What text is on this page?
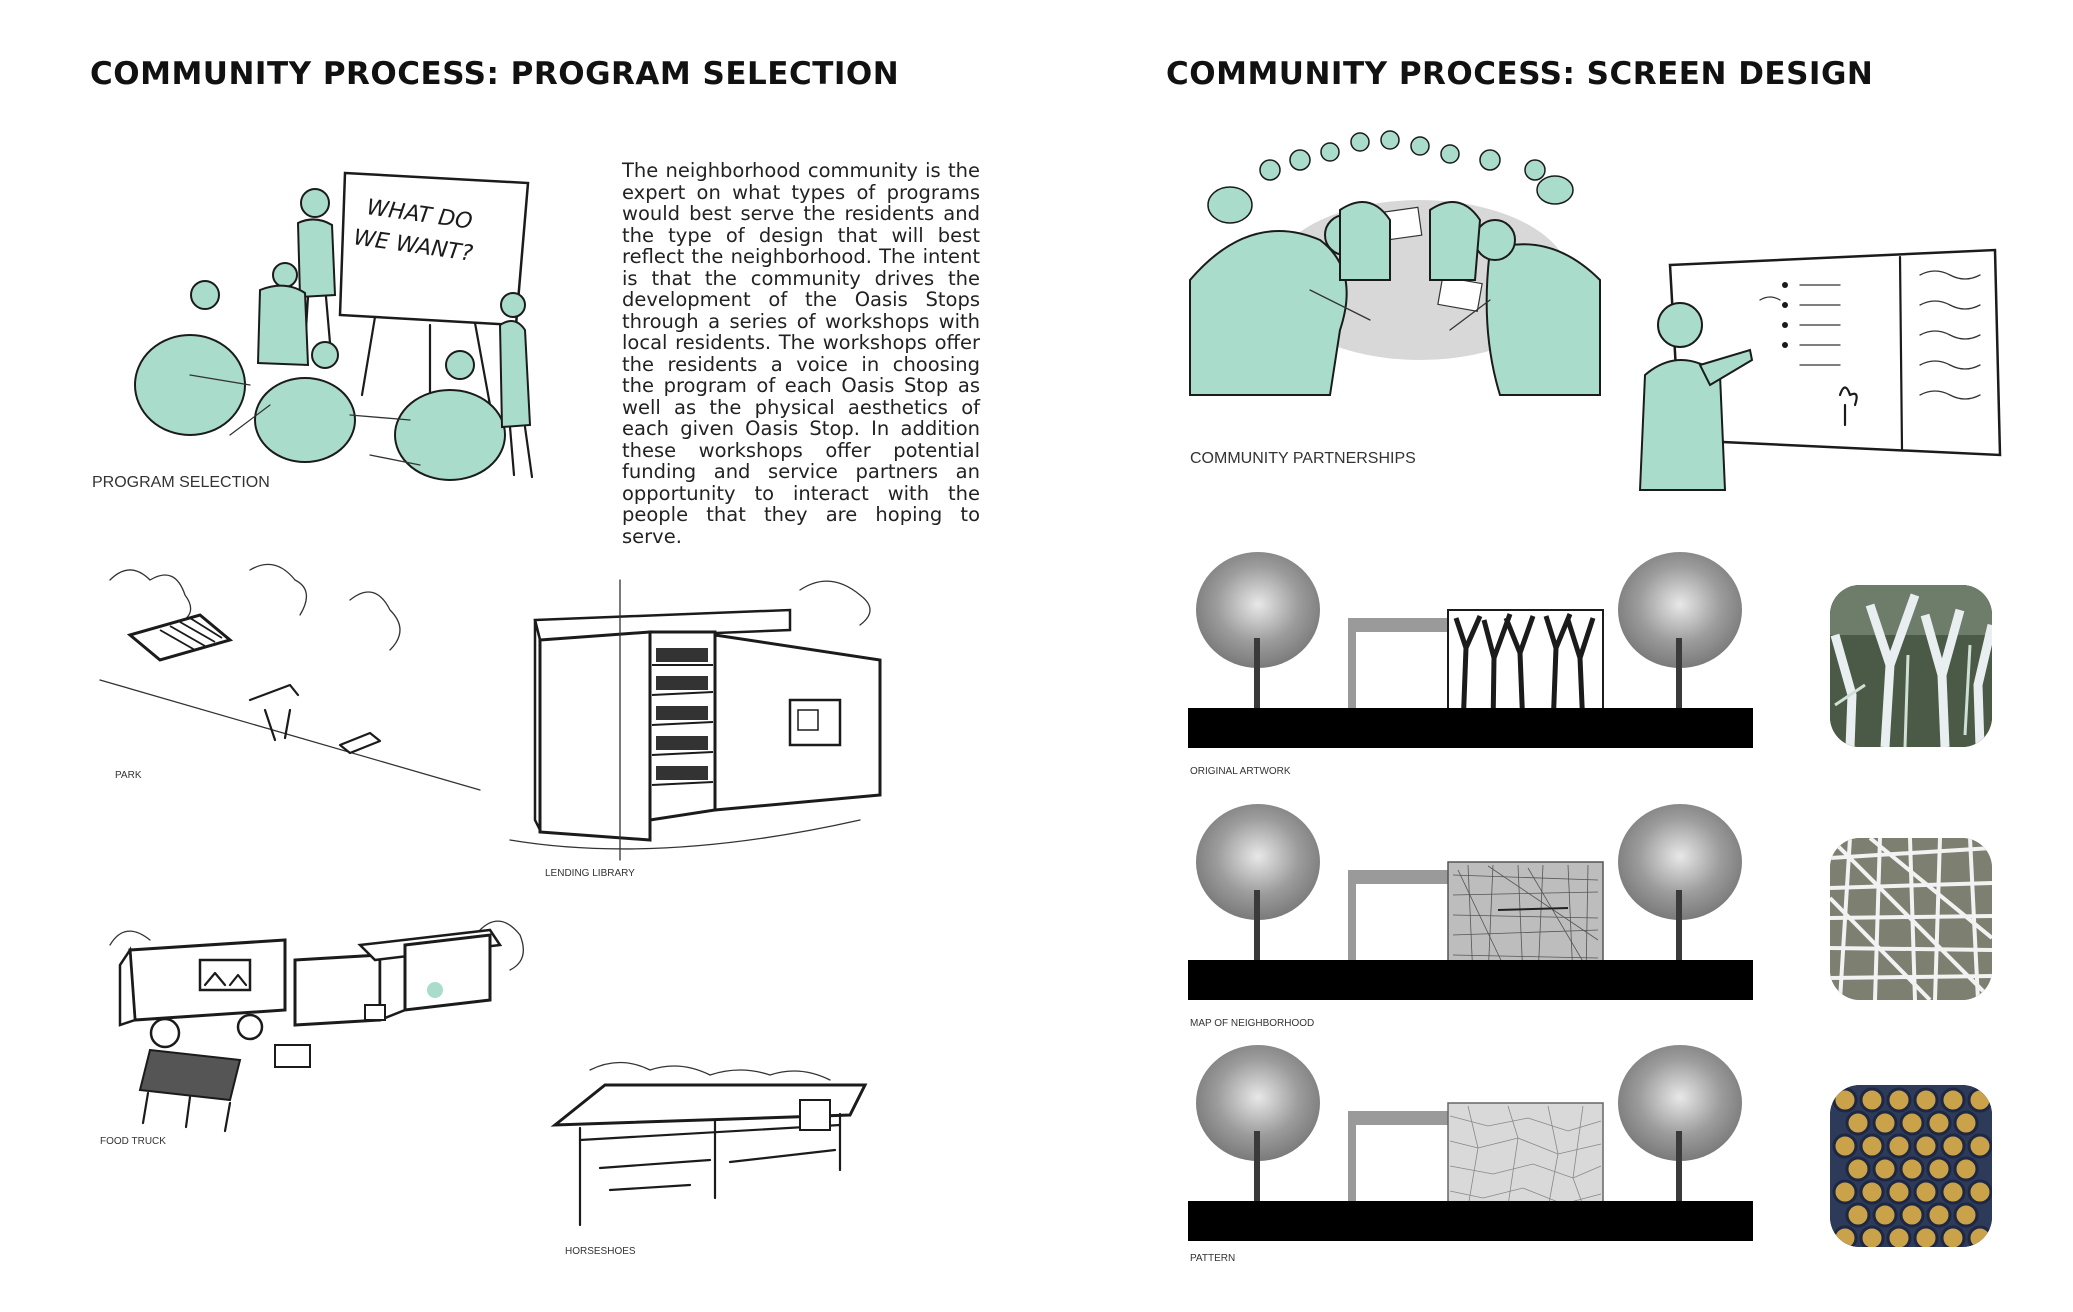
COMMUNITY PROCESS: PROGRAM SELECTION
WHAT DO
WE WANT?
PROGRAM SELECTION
The neighborhood community is the expert on what types of programs would best serve the residents and the type of design that will best reflect the neighborhood. The intent is that the community drives the development of the Oasis Stops through a series of workshops with local residents. The workshops offer the residents a voice in choosing the program of each Oasis Stop as well as the physical aesthetics of each given Oasis Stop. In addition these workshops offer potential funding and service partners an opportunity to interact with the people that they are hoping to serve.
PARK
LENDING LIBRARY
FOOD TRUCK
HORSESHOES
COMMUNITY PROCESS: SCREEN DESIGN
COMMUNITY PARTNERSHIPS
ORIGINAL ARTWORK
MAP OF NEIGHBORHOOD
PATTERN
